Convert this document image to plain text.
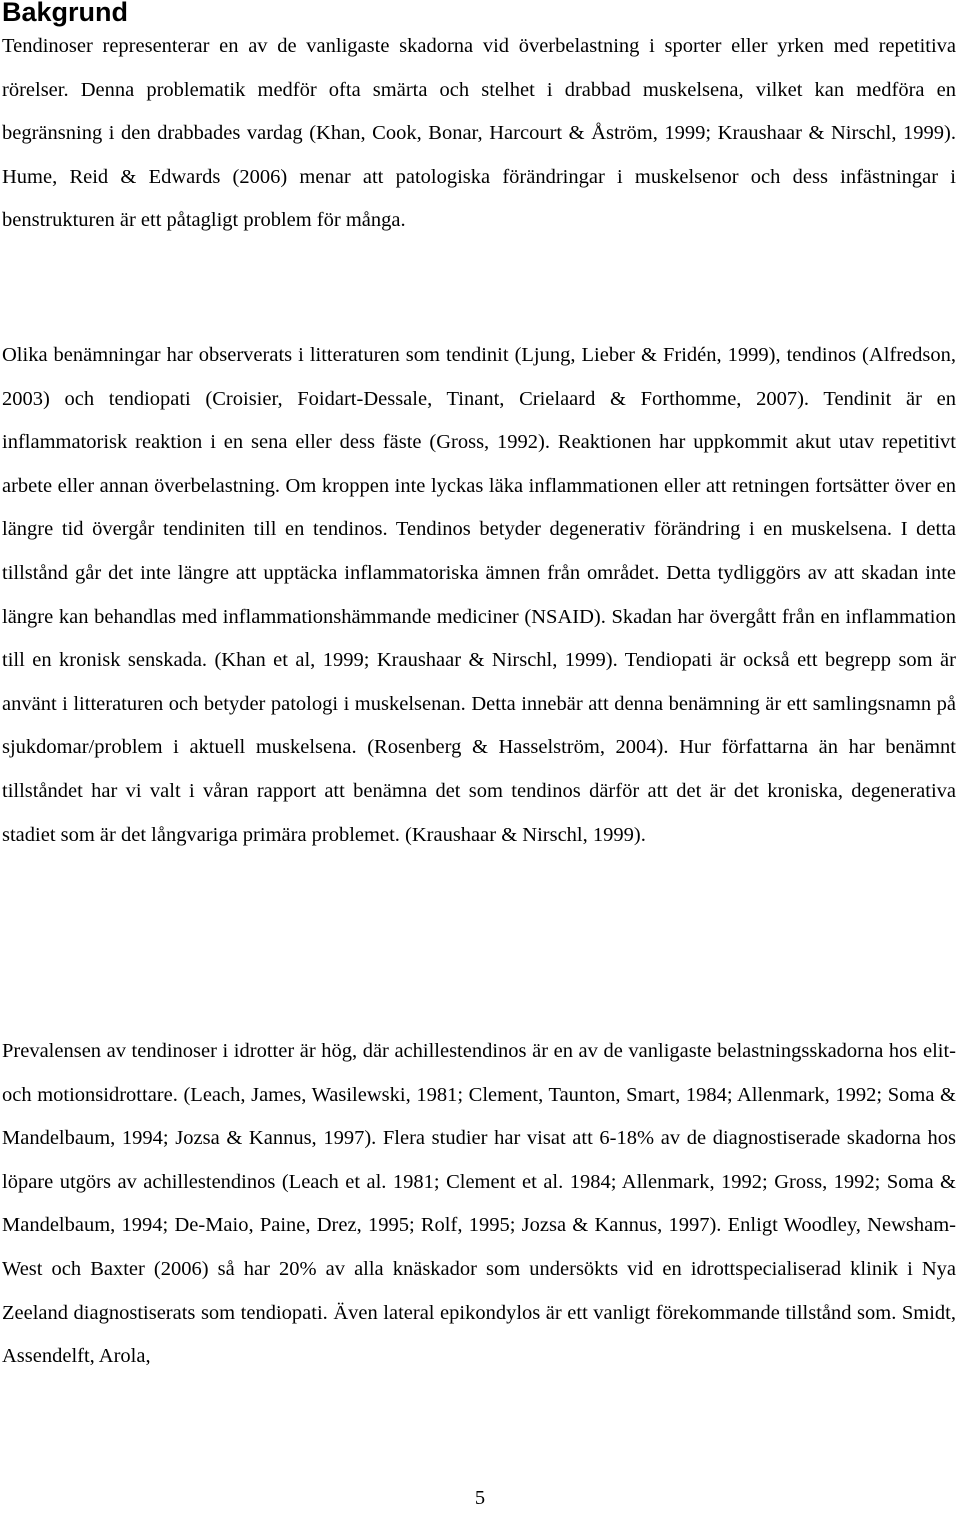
Bakgrund

Tendinoser representerar en av de vanligaste skadorna vid överbelastning i sporter eller yrken med repetitiva rörelser. Denna problematik medför ofta smärta och stelhet i drabbad muskelsena, vilket kan medföra en begränsning i den drabbades vardag (Khan, Cook, Bonar, Harcourt & Åström, 1999; Kraushaar & Nirschl, 1999). Hume, Reid & Edwards (2006) menar att patologiska förändringar i muskelsenor och dess infästningar i benstrukturen är ett påtagligt problem för många.

Olika benämningar har observerats i litteraturen som tendinit (Ljung, Lieber & Fridén, 1999), tendinos (Alfredson, 2003) och tendiopati (Croisier, Foidart-Dessale, Tinant, Crielaard & Forthomme, 2007). Tendinit är en inflammatorisk reaktion i en sena eller dess fäste (Gross, 1992). Reaktionen har uppkommit akut utav repetitivt arbete eller annan överbelastning. Om kroppen inte lyckas läka inflammationen eller att retningen fortsätter över en längre tid övergår tendiniten till en tendinos. Tendinos betyder degenerativ förändring i en muskelsena. I detta tillstånd går det inte längre att upptäcka inflammatoriska ämnen från området. Detta tydliggörs av att skadan inte längre kan behandlas med inflammationshämmande mediciner (NSAID). Skadan har övergått från en inflammation till en kronisk senskada. (Khan et al, 1999; Kraushaar & Nirschl, 1999). Tendiopati är också ett begrepp som är använt i litteraturen och betyder patologi i muskelsenan. Detta innebär att denna benämning är ett samlingsnamn på sjukdomar/problem i aktuell muskelsena. (Rosenberg & Hasselström, 2004). Hur författarna än har benämnt tillståndet har vi valt i våran rapport att benämna det som tendinos därför att det är det kroniska, degenerativa stadiet som är det långvariga primära problemet. (Kraushaar & Nirschl, 1999).

Prevalensen av tendinoser i idrotter är hög, där achillestendinos är en av de vanligaste belastningsskadorna hos elit- och motionsidrottare. (Leach, James, Wasilewski, 1981; Clement, Taunton, Smart, 1984; Allenmark, 1992; Soma & Mandelbaum, 1994; Jozsa & Kannus, 1997). Flera studier har visat att 6-18% av de diagnostiserade skadorna hos löpare utgörs av achillestendinos (Leach et al. 1981; Clement et al. 1984; Allenmark, 1992; Gross, 1992; Soma & Mandelbaum, 1994; De-Maio, Paine, Drez, 1995; Rolf, 1995; Jozsa & Kannus, 1997). Enligt Woodley, Newsham-West och Baxter (2006) så har 20% av alla knäskador som undersökts vid en idrottspecialiserad klinik i Nya Zeeland diagnostiserats som tendiopati. Även lateral epikondylos är ett vanligt förekommande tillstånd som. Smidt, Assendelft, Arola,

5
